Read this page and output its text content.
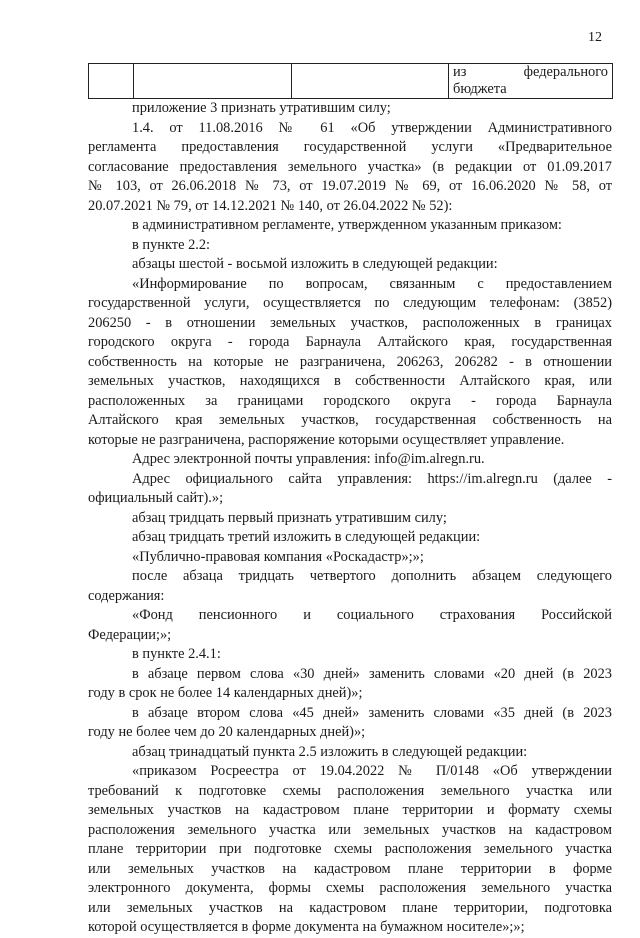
12

из федерального
бюджета
приложение 3 признать утратившим силу;
1.4. от 11.08.2016 № 61 «Об утверждении Административного
регламента предоставления государственной услуги «Предварительное
согласование предоставления земельного участка» (в редакции от 01.09.2017
№ 103, от 26.06.2018 № 73, от 19.07.2019 № 69, от 16.06.2020 № 58, от
20.07.2021 № 79, от 14.12.2021 № 140, от 26.04.2022 № 52):
в административном регламенте, утвержденном указанным приказом:
в пункте 2.2:
абзацы шестой - восьмой изложить в следующей редакции:
«Информирование по вопросам, связанным с предоставлением
государственной услуги, осуществляется по следующим телефонам: (3852)
206250 - в отношении земельных участков, расположенных в границах
городского округа - города Барнаула Алтайского края, государственная
собственность на которые не разграничена, 206263, 206282 - в отношении
земельных участков, находящихся в собственности Алтайского края, или
расположенных за границами городского округа - города Барнаула
Алтайского края земельных участков, государственная собственность на
которые не разграничена, распоряжение которыми осуществляет управление.
Адрес электронной почты управления: info@im.alregn.ru.
Адрес официального сайта управления: https://im.alregn.ru (далее -
официальный сайт).»;
абзац тридцать первый признать утратившим силу;
абзац тридцать третий изложить в следующей редакции:
«Публично-правовая компания «Роскадастр»;»;
после абзаца тридцать четвертого дополнить абзацем следующего
содержания:
«Фонд пенсионного и социального страхования Российской
Федерации;»;
в пункте 2.4.1:
в абзаце первом слова «30 дней» заменить словами «20 дней (в 2023
году в срок не более 14 календарных дней)»;
в абзаце втором слова «45 дней» заменить словами «35 дней (в 2023
году не более чем до 20 календарных дней)»;
абзац тринадцатый пункта 2.5 изложить в следующей редакции:
«приказом Росреестра от 19.04.2022 № П/0148 «Об утверждении
требований к подготовке схемы расположения земельного участка или
земельных участков на кадастровом плане территории и формату схемы
расположения земельного участка или земельных участков на кадастровом
плане территории при подготовке схемы расположения земельного участка
или земельных участков на кадастровом плане территории в форме
электронного документа, формы схемы расположения земельного участка
или земельных участков на кадастровом плане территории, подготовка
которой осуществляется в форме документа на бумажном носителе»;»;
